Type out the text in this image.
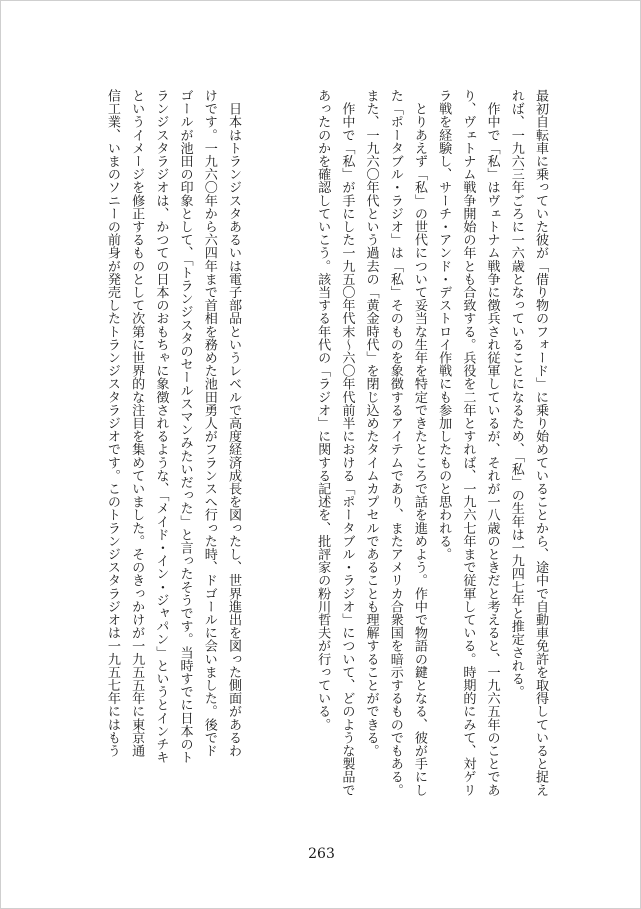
最初自転車に乗っていた彼が「借り物のフォード」に乗り始めていることから、途中で自動車免許を取得していると捉え
れば、一九六三年ごろに一六歳となっていることになるため、「私」の生年は一九四七年と推定される。
　作中で「私」はヴェトナム戦争に徴兵され従軍しているが、それが一八歳のときだと考えると、一九六五年のことであ
り、ヴェトナム戦争開始の年とも合致する。兵役を二年とすれば、一九六七年まで従軍している。時期的にみて、対ゲリ
ラ戦を経験し、サーチ・アンド・デストロイ作戦にも参加したものと思われる。
　とりあえず「私」の世代について妥当な生年を特定できたところで話を進めよう。作中で物語の鍵となる、彼が手にし
た「ポータブル・ラジオ」は「私」そのものを象徴するアイテムであり、またアメリカ合衆国を暗示するものでもある。
また、一九六〇年代という過去の「黄金時代」を閉じ込めたタイムカプセルであることも理解することができる。
　作中で「私」が手にした一九五〇年代末～六〇年代前半における「ポータブル・ラジオ」について、どのような製品で
あったのかを確認していこう。該当する年代の「ラジオ」に関する記述を、批評家の粉川哲夫が行っている。
　日本はトランジスタあるいは電子部品というレベルで高度経済成長を図ったし、世界進出を図った側面があるわ
けです。一九六〇年から六四年まで首相を務めた池田勇人がフランスへ行った時、ドゴールに会いました。後でド
ゴールが池田の印象として、「トランジスタのセールスマンみたいだった」と言ったそうです。当時すでに日本のト
ランジスタラジオは、かつての日本のおもちゃに象徴されるような、「メイド・イン・ジャパン」というとインチキ
というイメージを修正するものとして次第に世界的な注目を集めていました。そのきっかけが一九五五年に東京通
信工業、いまのソニーの前身が発売したトランジスタラジオです。このトランジスタラジオは一九五七年にはもう
263
